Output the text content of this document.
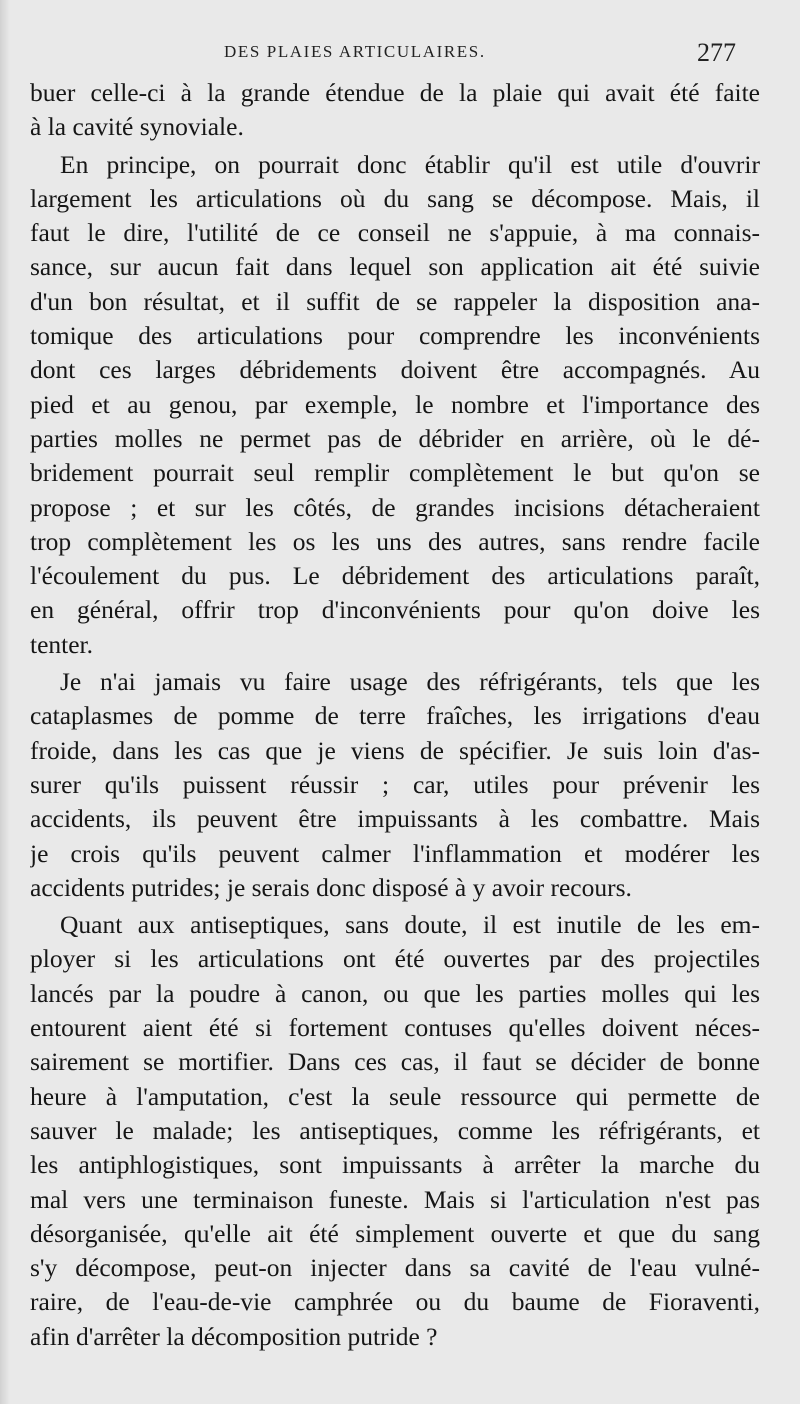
DES PLAIES ARTICULAIRES.	277
buer celle-ci à la grande étendue de la plaie qui avait été faite
à la cavité synoviale.
En principe, on pourrait donc établir qu'il est utile d'ouvrir
largement les articulations où du sang se décompose. Mais, il
faut le dire, l'utilité de ce conseil ne s'appuie, à ma connais-
sance, sur aucun fait dans lequel son application ait été suivie
d'un bon résultat, et il suffit de se rappeler la disposition ana-
tomique des articulations pour comprendre les inconvénients
dont ces larges débridements doivent être accompagnés. Au
pied et au genou, par exemple, le nombre et l'importance des
parties molles ne permet pas de débrider en arrière, où le dé-
bridement pourrait seul remplir complètement le but qu'on se
propose ; et sur les côtés, de grandes incisions détacheraient
trop complètement les os les uns des autres, sans rendre facile
l'écoulement du pus. Le débridement des articulations paraît,
en général, offrir trop d'inconvénients pour qu'on doive les
tenter.
Je n'ai jamais vu faire usage des réfrigérants, tels que les
cataplasmes de pomme de terre fraîches, les irrigations d'eau
froide, dans les cas que je viens de spécifier. Je suis loin d'as-
surer qu'ils puissent réussir ; car, utiles pour prévenir les
accidents, ils peuvent être impuissants à les combattre. Mais
je crois qu'ils peuvent calmer l'inflammation et modérer les
accidents putrides; je serais donc disposé à y avoir recours.
Quant aux antiseptiques, sans doute, il est inutile de les em-
ployer si les articulations ont été ouvertes par des projectiles
lancés par la poudre à canon, ou que les parties molles qui les
entourent aient été si fortement contuses qu'elles doivent néces-
sairement se mortifier. Dans ces cas, il faut se décider de bonne
heure à l'amputation, c'est la seule ressource qui permette de
sauver le malade; les antiseptiques, comme les réfrigérants, et
les antiphlogistiques, sont impuissants à arrêter la marche du
mal vers une terminaison funeste. Mais si l'articulation n'est pas
désorganisée, qu'elle ait été simplement ouverte et que du sang
s'y décompose, peut-on injecter dans sa cavité de l'eau vulné-
raire, de l'eau-de-vie camphrée ou du baume de Fioraventi,
afin d'arrêter la décomposition putride ?
